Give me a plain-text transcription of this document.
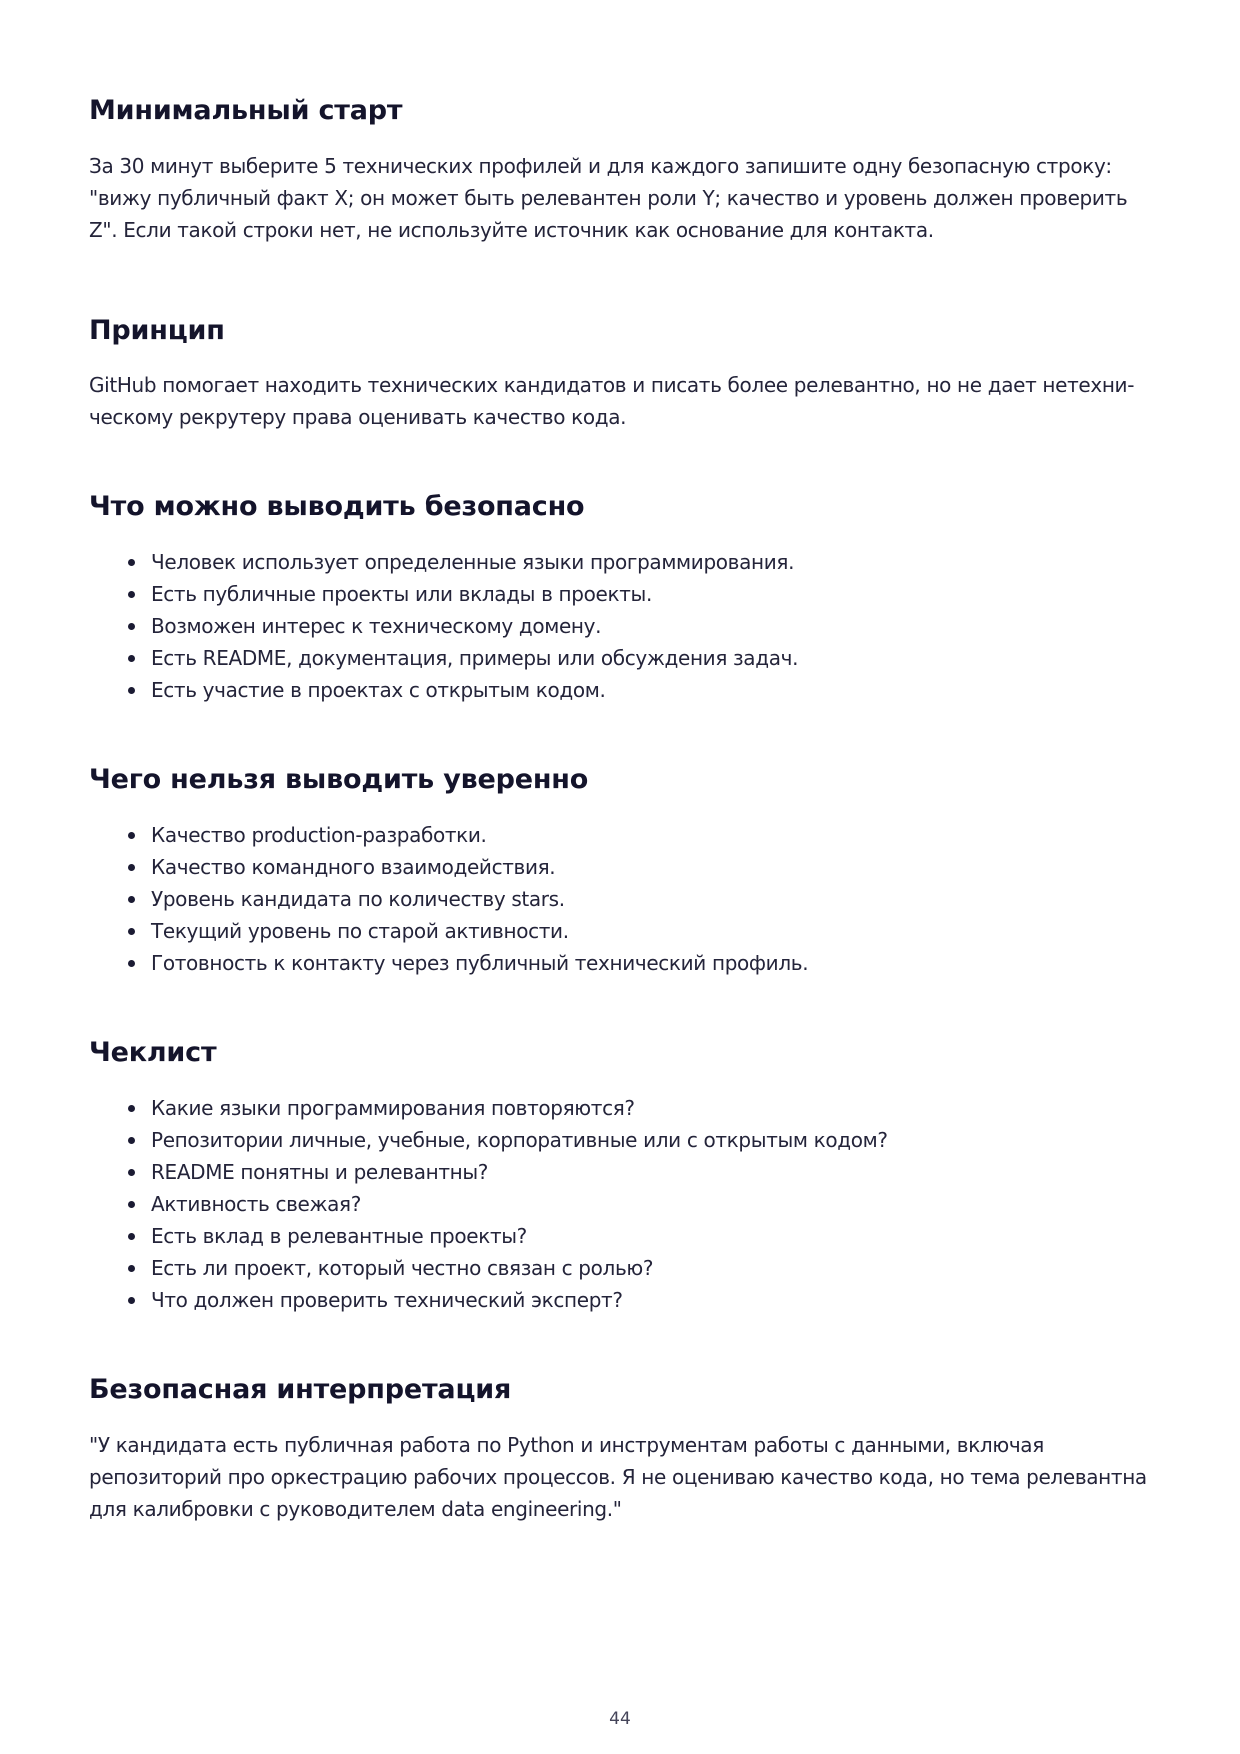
Минимальный старт

За 30 минут выберите 5 технических профилей и для каждого запишите одну безопасную строку: "вижу публичный факт X; он может быть релевантен роли Y; качество и уровень должен проверить Z". Если такой строки нет, не используйте источник как основание для контакта.

Принцип

GitHub помогает находить технических кандидатов и писать более релевантно, но не дает нетехническому рекрутеру права оценивать качество кода.

Что можно выводить безопасно
Человек использует определенные языки программирования.
Есть публичные проекты или вклады в проекты.
Возможен интерес к техническому домену.
Есть README, документация, примеры или обсуждения задач.
Есть участие в проектах с открытым кодом.
Чего нельзя выводить уверенно
Качество production-разработки.
Качество командного взаимодействия.
Уровень кандидата по количеству stars.
Текущий уровень по старой активности.
Готовность к контакту через публичный технический профиль.
Чеклист
Какие языки программирования повторяются?
Репозитории личные, учебные, корпоративные или с открытым кодом?
README понятны и релевантны?
Активность свежая?
Есть вклад в релевантные проекты?
Есть ли проект, который честно связан с ролью?
Что должен проверить технический эксперт?
Безопасная интерпретация

"У кандидата есть публичная работа по Python и инструментам работы с данными, включая репозиторий про оркестрацию рабочих процессов. Я не оцениваю качество кода, но тема релевантна для калибровки с руководителем data engineering."

44
